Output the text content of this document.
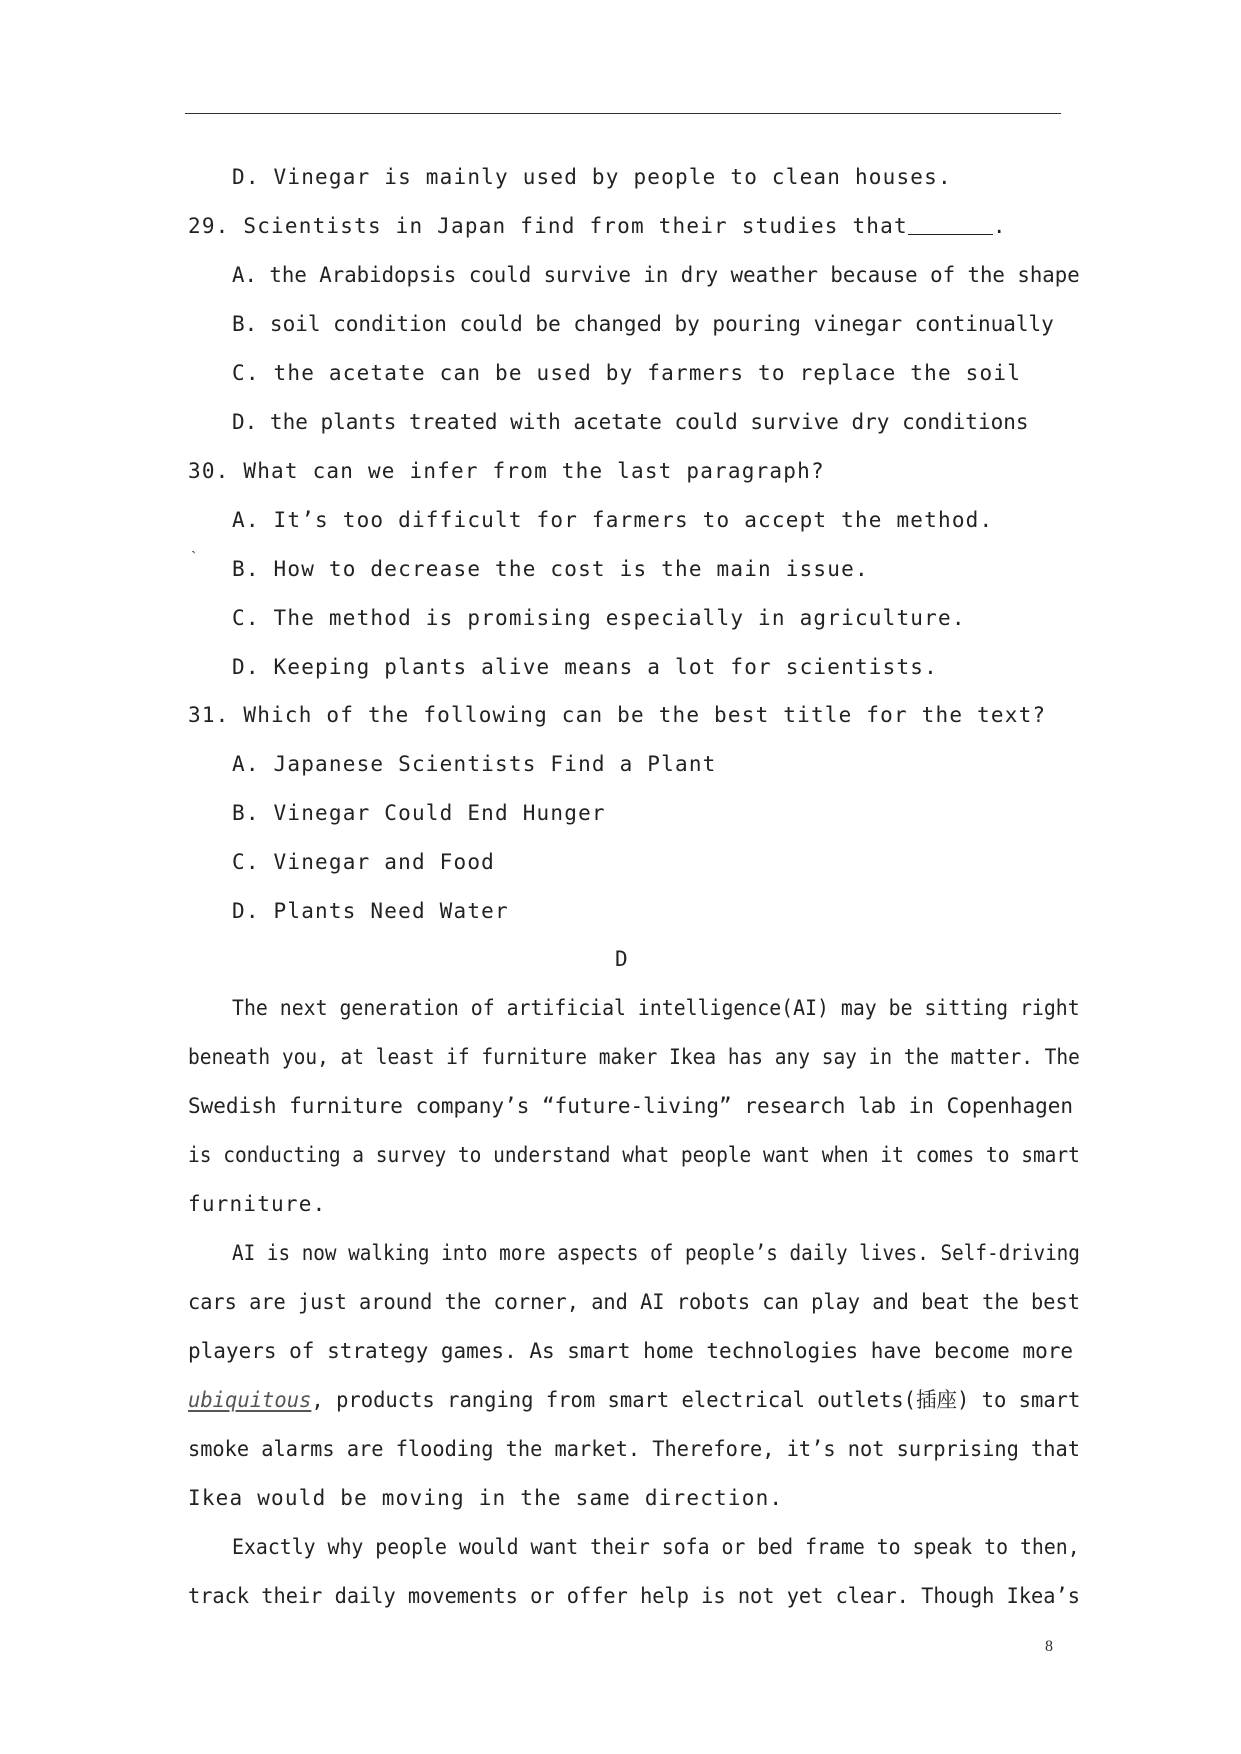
D. Vinegar is mainly used by people to clean houses.
29. Scientists in Japan find from their studies that	.
A. the Arabidopsis could survive in dry weather because of the shape
B. soil condition could be changed by pouring vinegar continually
C. the acetate can be used by farmers to replace the soil
D. the plants treated with acetate could survive dry conditions
30. What can we infer from the last paragraph?
A. It’s too difficult for farmers to accept the method.
` B. How to decrease the cost is the main issue.
C. The method is promising especially in agriculture.
D. Keeping plants alive means a lot for scientists.
31. Which of the following can be the best title for the text?
A. Japanese Scientists Find a Plant
B. Vinegar Could End Hunger
C. Vinegar and Food
D. Plants Need Water
D
The next generation of artificial intelligence(AI) may be sitting right
beneath you, at least if furniture maker Ikea has any say in the matter. The
Swedish furniture company’s “future-living” research lab in Copenhagen
is conducting a survey to understand what people want when it comes to smart
furniture.
AI is now walking into more aspects of people’s daily lives. Self-driving
cars are just around the corner, and AI robots can play and beat the best
players of strategy games. As smart home technologies have become more
ubiquitous, products ranging from smart electrical outlets(插座) to smart
smoke alarms are flooding the market. Therefore, it’s not surprising that
Ikea would be moving in the same direction.
Exactly why people would want their sofa or bed frame to speak to then,
track their daily movements or offer help is not yet clear. Though Ikea’s
8
